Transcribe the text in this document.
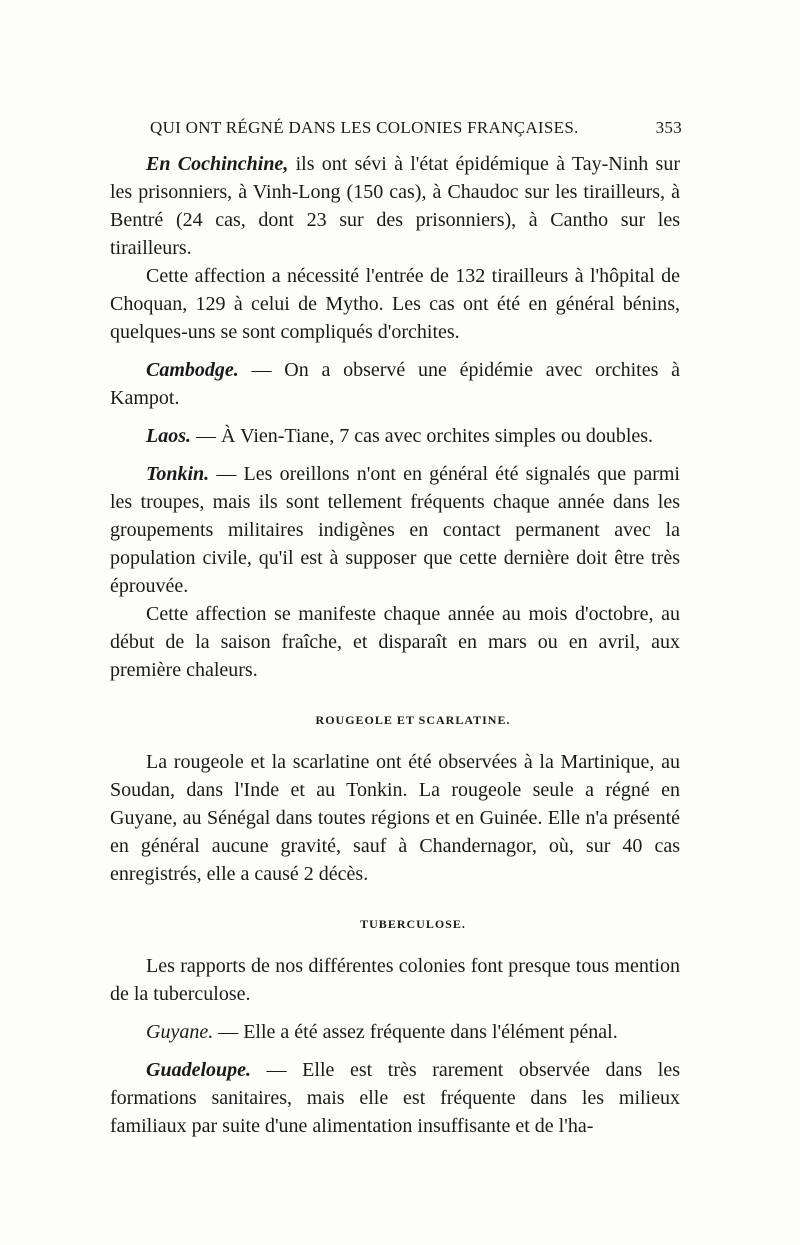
QUI ONT RÉGNÉ DANS LES COLONIES FRANÇAISES.	353

En Cochinchine, ils ont sévi à l'état épidémique à Tay-Ninh sur les prisonniers, à Vinh-Long (150 cas), à Chaudoc sur les tirailleurs, à Bentré (24 cas, dont 23 sur des prisonniers), à Cantho sur les tirailleurs.

Cette affection a nécessité l'entrée de 132 tirailleurs à l'hôpital de Choquan, 129 à celui de Mytho. Les cas ont été en général bénins, quelques-uns se sont compliqués d'orchites.

Cambodge. — On a observé une épidémie avec orchites à Kampot.

Laos. — À Vien-Tiane, 7 cas avec orchites simples ou doubles.

Tonkin. — Les oreillons n'ont en général été signalés que parmi les troupes, mais ils sont tellement fréquents chaque année dans les groupements militaires indigènes en contact permanent avec la population civile, qu'il est à supposer que cette dernière doit être très éprouvée.

Cette affection se manifeste chaque année au mois d'octobre, au début de la saison fraîche, et disparaît en mars ou en avril, aux première chaleurs.

ROUGEOLE ET SCARLATINE.

La rougeole et la scarlatine ont été observées à la Martinique, au Soudan, dans l'Inde et au Tonkin. La rougeole seule a régné en Guyane, au Sénégal dans toutes régions et en Guinée. Elle n'a présenté en général aucune gravité, sauf à Chandernagor, où, sur 40 cas enregistrés, elle a causé 2 décès.

TUBERCULOSE.

Les rapports de nos différentes colonies font presque tous mention de la tuberculose.

Guyane. — Elle a été assez fréquente dans l'élément pénal.

Guadeloupe. — Elle est très rarement observée dans les formations sanitaires, mais elle est fréquente dans les milieux familiaux par suite d'une alimentation insuffisante et de l'ha-
